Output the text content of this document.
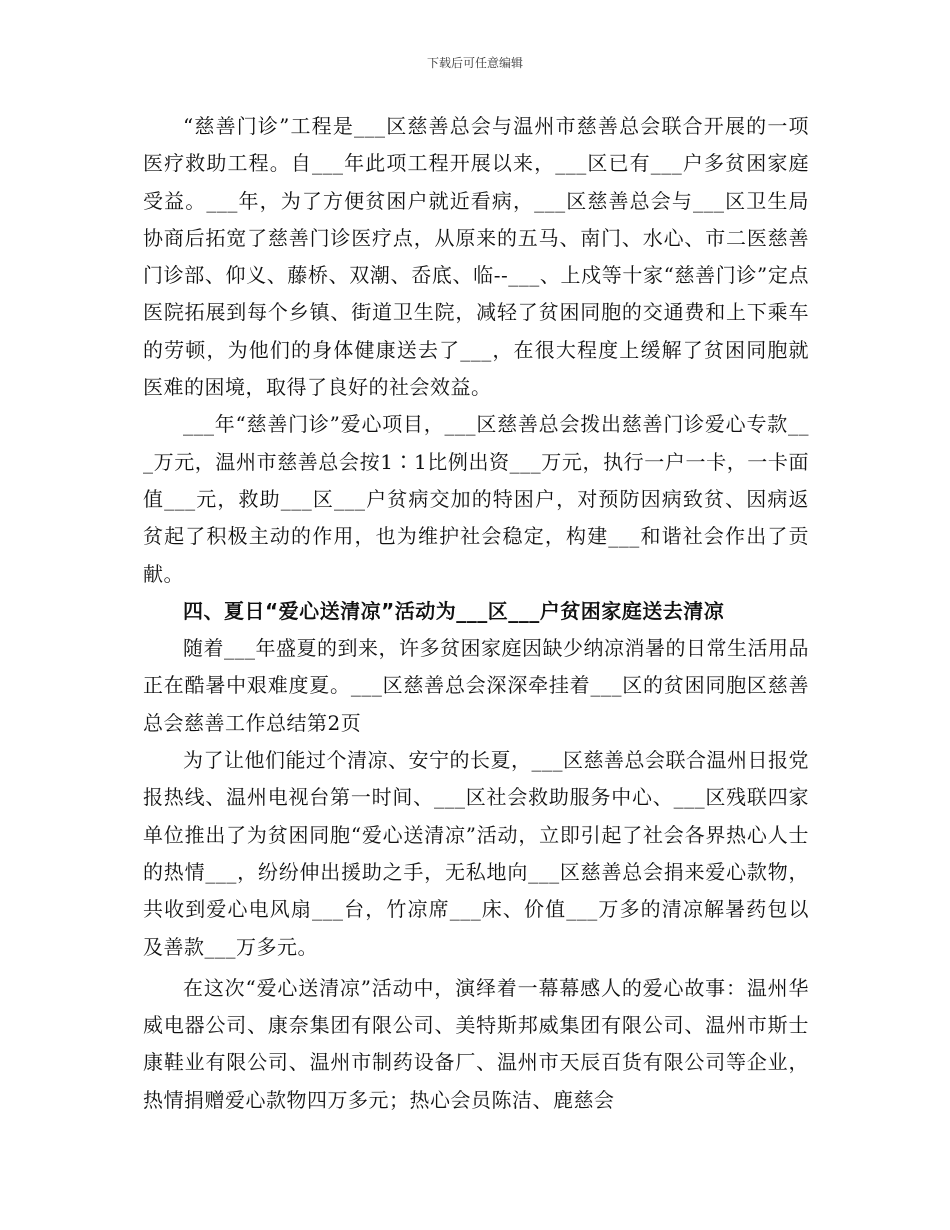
下载后可任意编辑

“慈善门诊”工程是___区慈善总会与温州市慈善总会联合开展的一项医疗救助工程。自___年此项工程开展以来，___区已有___户多贫困家庭受益。___年，为了方便贫困户就近看病，___区慈善总会与___区卫生局协商后拓宽了慈善门诊医疗点，从原来的五马、南门、水心、市二医慈善门诊部、仰义、藤桥、双潮、岙底、临--___、上戍等十家“慈善门诊”定点医院拓展到每个乡镇、街道卫生院，减轻了贫困同胞的交通费和上下乘车的劳顿，为他们的身体健康送去了___，在很大程度上缓解了贫困同胞就医难的困境，取得了良好的社会效益。

___年“慈善门诊”爱心项目，___区慈善总会拨出慈善门诊爱心专款___万元，温州市慈善总会按1∶1比例出资___万元，执行一户一卡，一卡面值___元，救助___区___户贫病交加的特困户，对预防因病致贫、因病返贫起了积极主动的作用，也为维护社会稳定，构建___和谐社会作出了贡献。

四、夏日“爱心送清凉”活动为___区___户贫困家庭送去清凉

随着___年盛夏的到来，许多贫困家庭因缺少纳凉消暑的日常生活用品正在酷暑中艰难度夏。___区慈善总会深深牵挂着___区的贫困同胞区慈善总会慈善工作总结第2页

为了让他们能过个清凉、安宁的长夏，___区慈善总会联合温州日报党报热线、温州电视台第一时间、___区社会救助服务中心、___区残联四家单位推出了为贫困同胞“爱心送清凉”活动，立即引起了社会各界热心人士的热情___，纷纷伸出援助之手，无私地向___区慈善总会捐来爱心款物，共收到爱心电风扇___台，竹凉席___床、价值___万多的清凉解暑药包以及善款___万多元。

在这次“爱心送清凉”活动中，演绎着一幕幕感人的爱心故事：温州华威电器公司、康奈集团有限公司、美特斯邦威集团有限公司、温州市斯士康鞋业有限公司、温州市制药设备厂、温州市天辰百货有限公司等企业，热情捐赠爱心款物四万多元；热心会员陈洁、鹿慈会
